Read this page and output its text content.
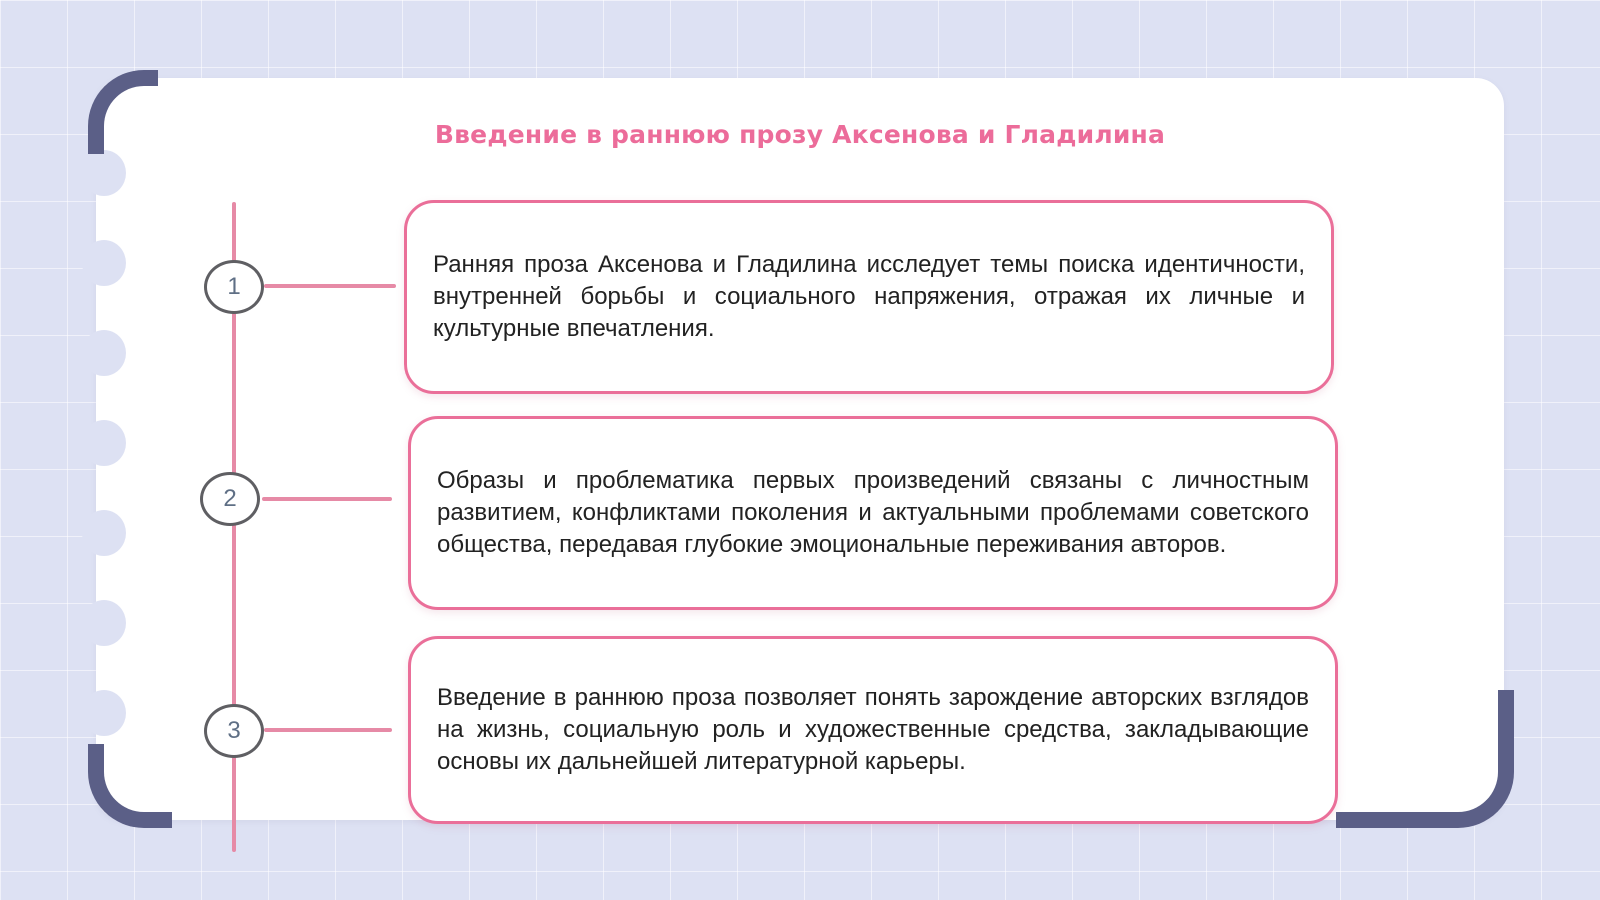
Введение в раннюю прозу Аксенова и Гладилина
1
Ранняя проза Аксенова и Гладилина исследует темы поиска идентичности, внутренней борьбы и социального напряжения, отражая их личные и культурные впечатления.
2
Образы и проблематика первых произведений связаны с личностным развитием, конфликтами поколения и актуальными проблемами советского общества, передавая глубокие эмоциональные переживания авторов.
3
Введение в раннюю проза позволяет понять зарождение авторских взглядов на жизнь, социальную роль и художественные средства, закладывающие основы их дальнейшей литературной карьеры.
